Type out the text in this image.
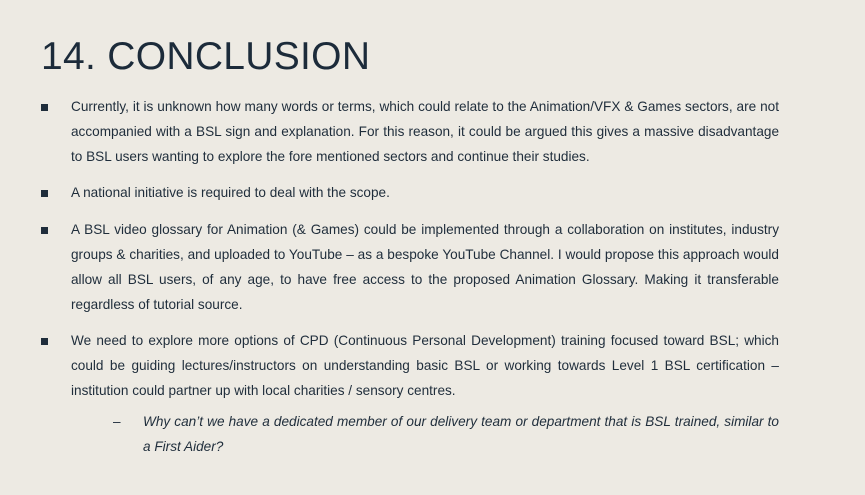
14. CONCLUSION
Currently, it is unknown how many words or terms, which could relate to the Animation/VFX & Games sectors, are not accompanied with a BSL sign and explanation. For this reason, it could be argued this gives a massive disadvantage to BSL users wanting to explore the fore mentioned sectors and continue their studies.
A national initiative is required to deal with the scope.
A BSL video glossary for Animation (& Games) could be implemented through a collaboration on institutes, industry groups & charities, and uploaded to YouTube – as a bespoke YouTube Channel. I would propose this approach would allow all BSL users, of any age, to have free access to the proposed Animation Glossary. Making it transferable regardless of tutorial source.
We need to explore more options of CPD (Continuous Personal Development) training focused toward BSL; which could be guiding lectures/instructors on understanding basic BSL or working towards Level 1 BSL certification – institution could partner up with local charities / sensory centres.
– Why can’t we have a dedicated member of our delivery team or department that is BSL trained, similar to a First Aider?
